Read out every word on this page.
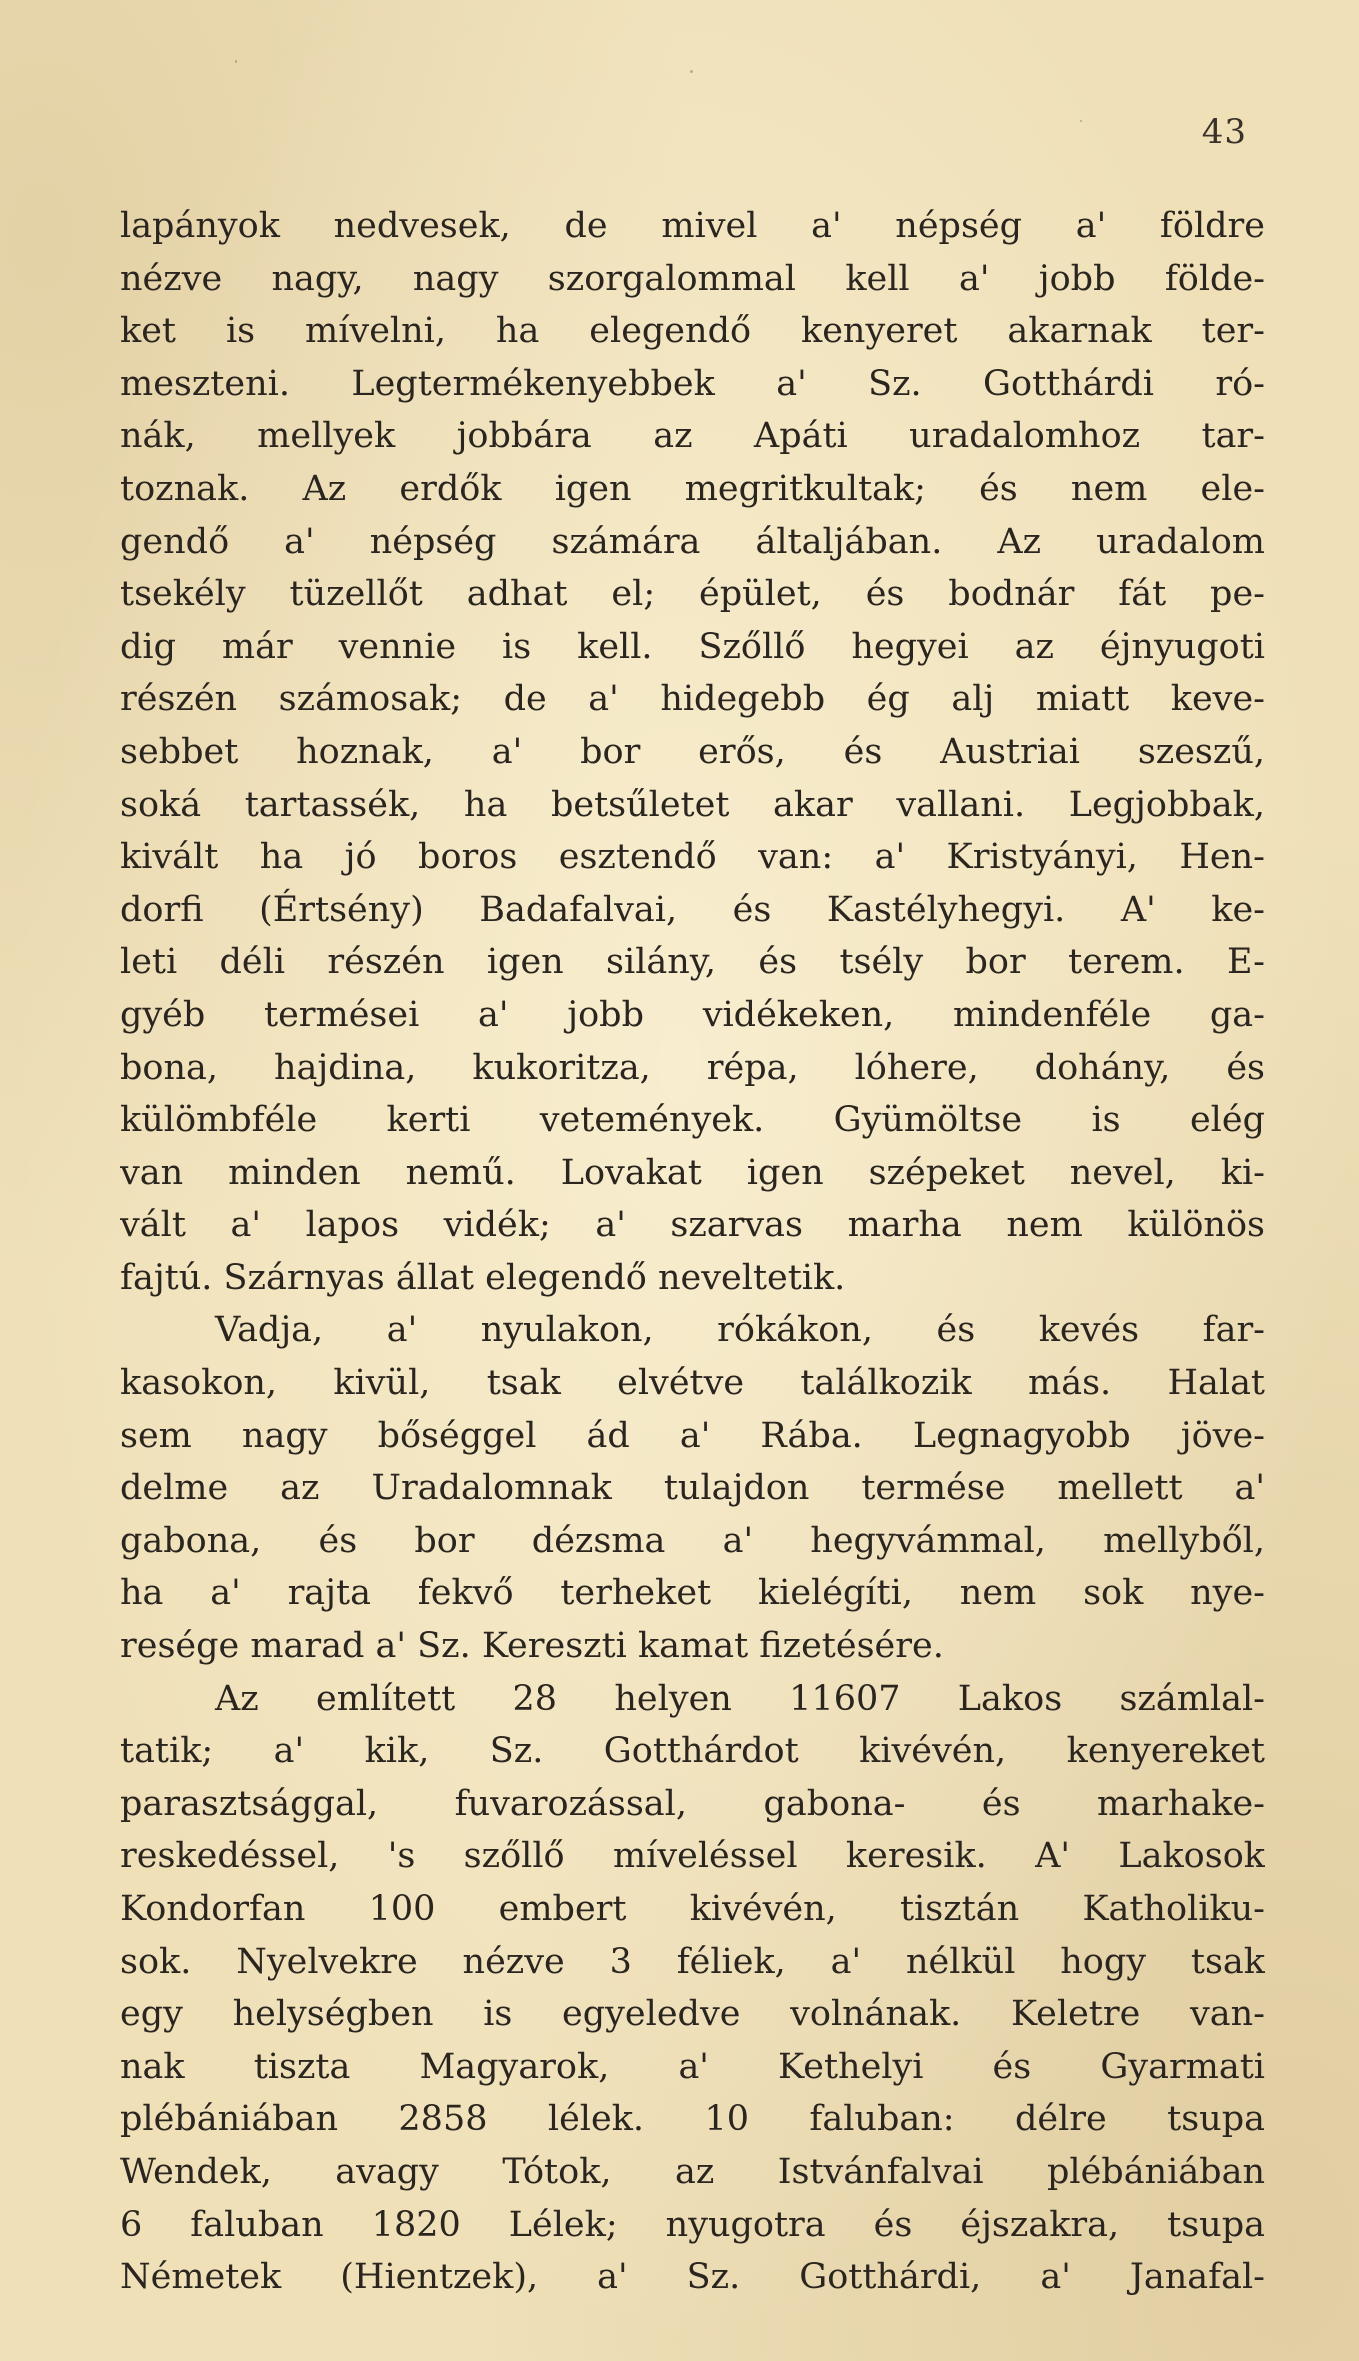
43
lapányok nedvesek, de mivel a' népség a' földre
nézve nagy, nagy szorgalommal kell a' jobb földe-
ket is mívelni, ha elegendő kenyeret akarnak ter-
meszteni. Legtermékenyebbek a' Sz. Gotthárdi ró-
nák, mellyek jobbára az Apáti uradalomhoz tar-
toznak. Az erdők igen megritkultak; és nem ele-
gendő a' népség számára általjában. Az uradalom
tsekély tüzellőt adhat el; épület, és bodnár fát pe-
dig már vennie is kell. Szőllő hegyei az éjnyugoti
részén számosak; de a' hidegebb ég alj miatt keve-
sebbet hoznak, a' bor erős, és Austriai szeszű,
soká tartassék, ha betsűletet akar vallani. Legjobbak,
kivált ha jó boros esztendő van: a' Kristyányi, Hen-
dorfi (Értsény) Badafalvai, és Kastélyhegyi. A' ke-
leti déli részén igen silány, és tsély bor terem. E-
gyéb termései a' jobb vidékeken, mindenféle ga-
bona, hajdina, kukoritza, répa, lóhere, dohány, és
külömbféle kerti vetemények. Gyümöltse is elég
van minden nemű. Lovakat igen szépeket nevel, ki-
vált a' lapos vidék; a' szarvas marha nem különös
fajtú. Szárnyas állat elegendő neveltetik.
Vadja, a' nyulakon, rókákon, és kevés far-
kasokon, kivül, tsak elvétve találkozik más. Halat
sem nagy bőséggel ád a' Rába. Legnagyobb jöve-
delme az Uradalomnak tulajdon termése mellett a'
gabona, és bor dézsma a' hegyvámmal, mellyből,
ha a' rajta fekvő terheket kielégíti, nem sok nye-
resége marad a' Sz. Kereszti kamat fizetésére.
Az említett 28 helyen 11607 Lakos számlal-
tatik; a' kik, Sz. Gotthárdot kivévén, kenyereket
parasztsággal, fuvarozással, gabona- és marhake-
reskedéssel, 's szőllő míveléssel keresik. A' Lakosok
Kondorfan 100 embert kivévén, tisztán Katholiku-
sok. Nyelvekre nézve 3 féliek, a' nélkül hogy tsak
egy helységben is egyeledve volnának. Keletre van-
nak tiszta Magyarok, a' Kethelyi és Gyarmati
plébániában 2858 lélek. 10 faluban: délre tsupa
Wendek, avagy Tótok, az Istvánfalvai plébániában
6 faluban 1820 Lélek; nyugotra és éjszakra, tsupa
Németek (Hientzek), a' Sz. Gotthárdi, a' Janafal-
